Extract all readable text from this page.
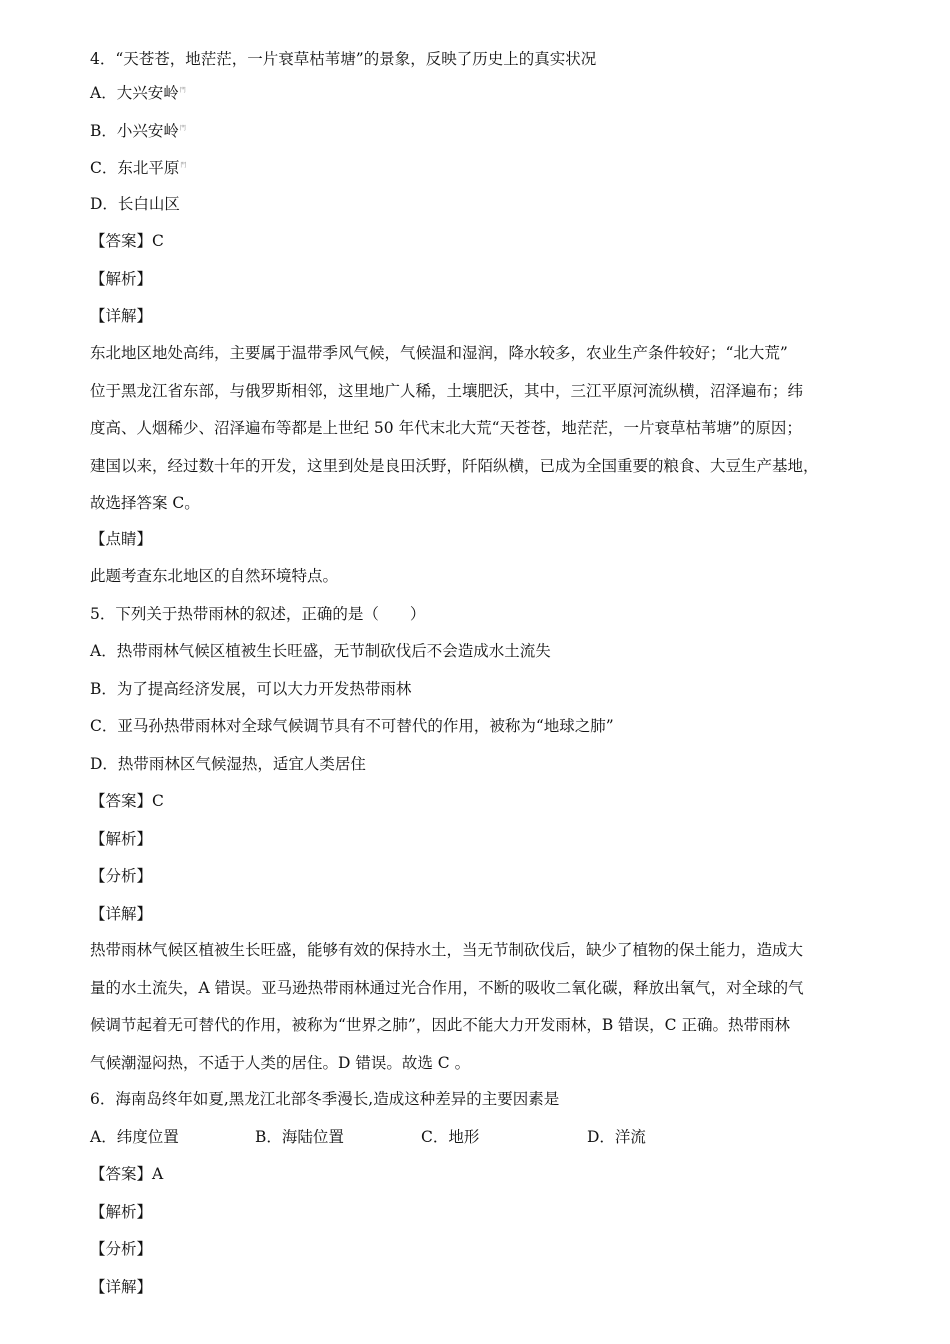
4．“天苍苍，地茫茫，一片衰草枯苇塘”的景象，反映了历史上的真实状况
A．大兴安岭$^門$
B．小兴安岭$^門$
C．东北平原$^門$
D．长白山区
【答案】C
【解析】
【详解】
东北地区地处高纬，主要属于温带季风气候，气候温和湿润，降水较多，农业生产条件较好；“北大荒”
位于黑龙江省东部，与俄罗斯相邻，这里地广人稀，土壤肥沃，其中，三江平原河流纵横，沼泽遍布；纬
度高、人烟稀少、沼泽遍布等都是上世纪 50 年代末北大荒“天苍苍，地茫茫，一片衰草枯苇塘”的原因；
建国以来，经过数十年的开发，这里到处是良田沃野，阡陌纵横，已成为全国重要的粮食、大豆生产基地，
故选择答案 C。
【点睛】
此题考查东北地区的自然环境特点。
5．下列关于热带雨林的叙述，正确的是（　　）
A．热带雨林气候区植被生长旺盛，无节制砍伐后不会造成水土流失
B．为了提高经济发展，可以大力开发热带雨林
C．亚马孙热带雨林对全球气候调节具有不可替代的作用，被称为“地球之肺”
D．热带雨林区气候湿热，适宜人类居住
【答案】C
【解析】
【分析】
【详解】
热带雨林气候区植被生长旺盛，能够有效的保持水土，当无节制砍伐后，缺少了植物的保土能力，造成大
量的水土流失，A 错误。亚马逊热带雨林通过光合作用，不断的吸收二氧化碳，释放出氧气，对全球的气
候调节起着无可替代的作用，被称为“世界之肺”，因此不能大力开发雨林，B 错误，C 正确。热带雨林
气候潮湿闷热，不适于人类的居住。D 错误。故选 C 。
6．海南岛终年如夏,黑龙江北部冬季漫长,造成这种差异的主要因素是
A．纬度位置	B．海陆位置	C．地形	D．洋流
【答案】A
【解析】
【分析】
【详解】
